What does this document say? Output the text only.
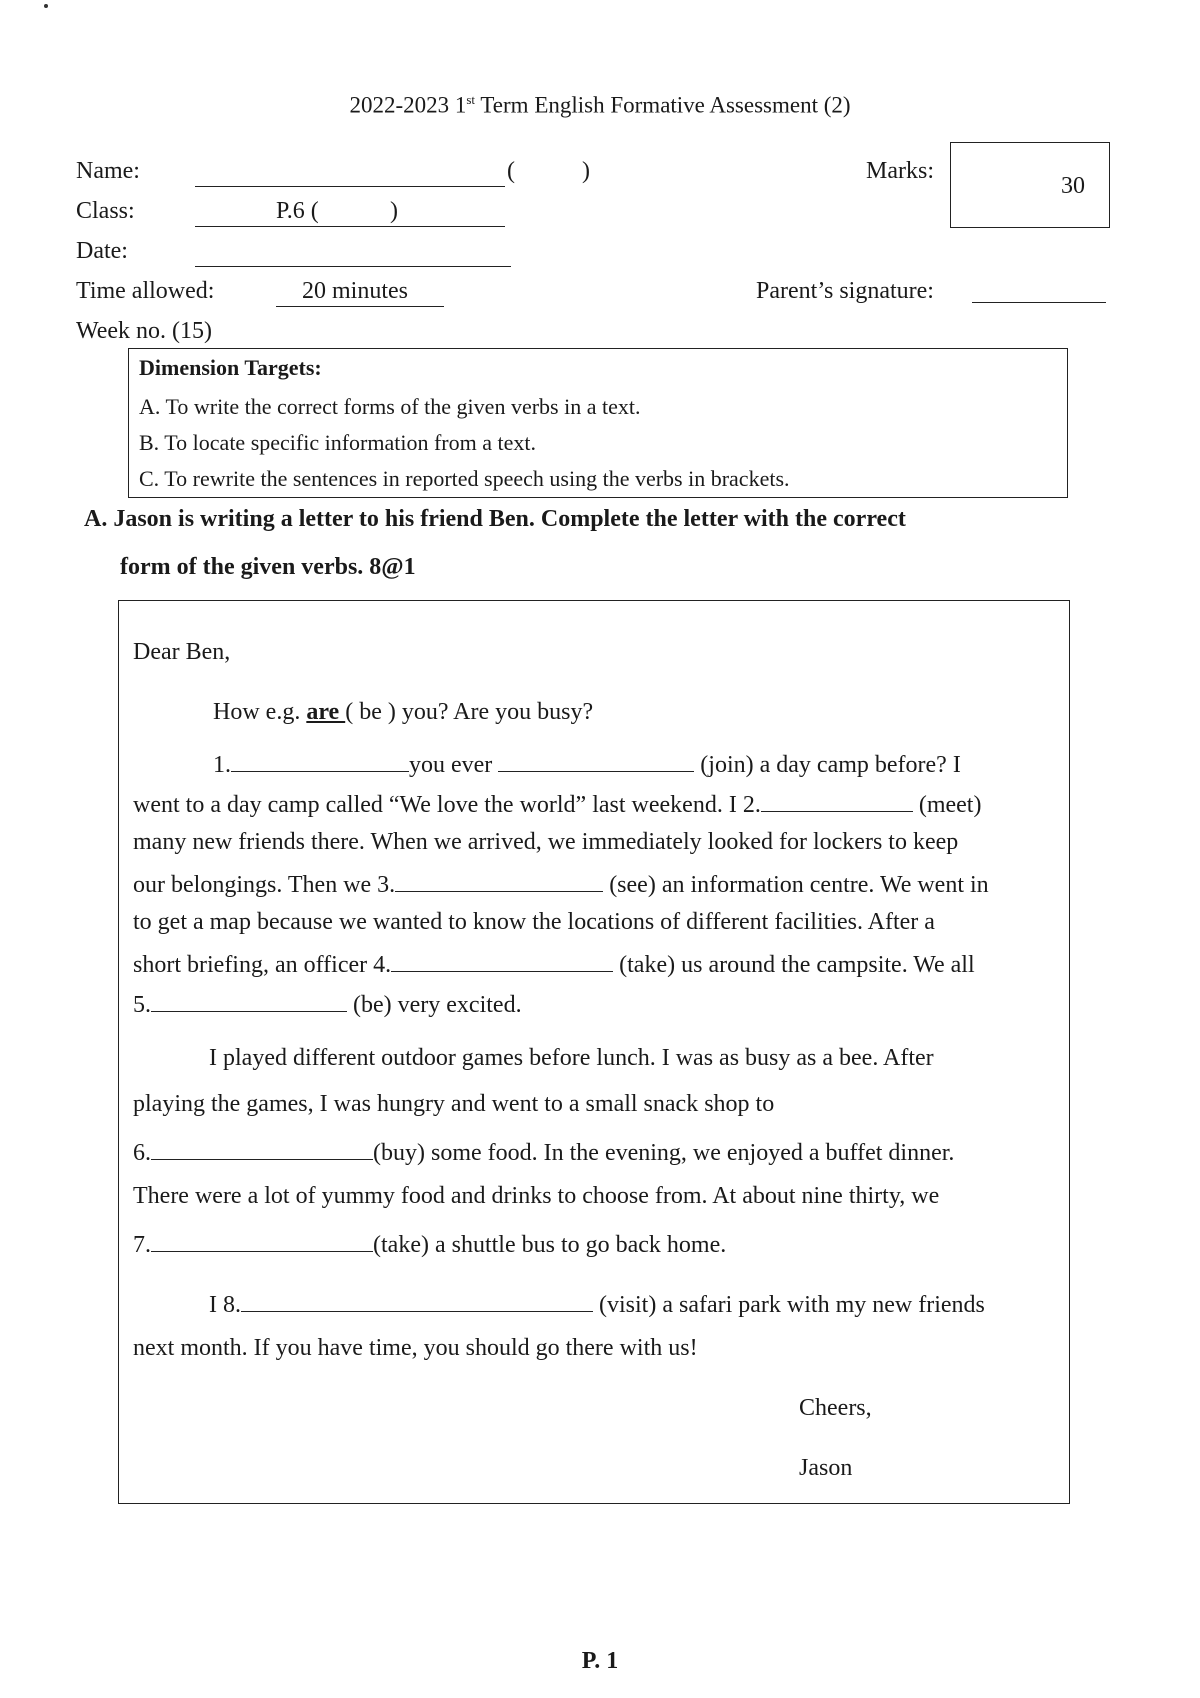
2022-2023 1st Term English Formative Assessment (2)
Name:	(	)	Marks:
30
Class:	P.6 (	)
Date:
Time allowed:	20 minutes	Parent’s signature:
Week no. (15)
Dimension Targets:
A. To write the correct forms of the given verbs in a text.
B. To locate specific information from a text.
C. To rewrite the sentences in reported speech using the verbs in brackets.
A. Jason is writing a letter to his friend Ben. Complete the letter with the correct
form of the given verbs. 8@1
Dear Ben,
How e.g. are ( be ) you? Are you busy?
1.	you ever	(join) a day camp before? I
went to a day camp called “We love the world” last weekend. I 2.	(meet)
many new friends there. When we arrived, we immediately looked for lockers to keep
our belongings. Then we 3.	(see) an information centre. We went in
to get a map because we wanted to know the locations of different facilities. After a
short briefing, an officer 4.	(take) us around the campsite. We all
5.	(be) very excited.
I played different outdoor games before lunch. I was as busy as a bee. After
playing the games, I was hungry and went to a small snack shop to
6.	(buy) some food. In the evening, we enjoyed a buffet dinner.
There were a lot of yummy food and drinks to choose from. At about nine thirty, we
7.	(take) a shuttle bus to go back home.
I 8.	(visit) a safari park with my new friends
next month. If you have time, you should go there with us!
Cheers,
Jason
P. 1
